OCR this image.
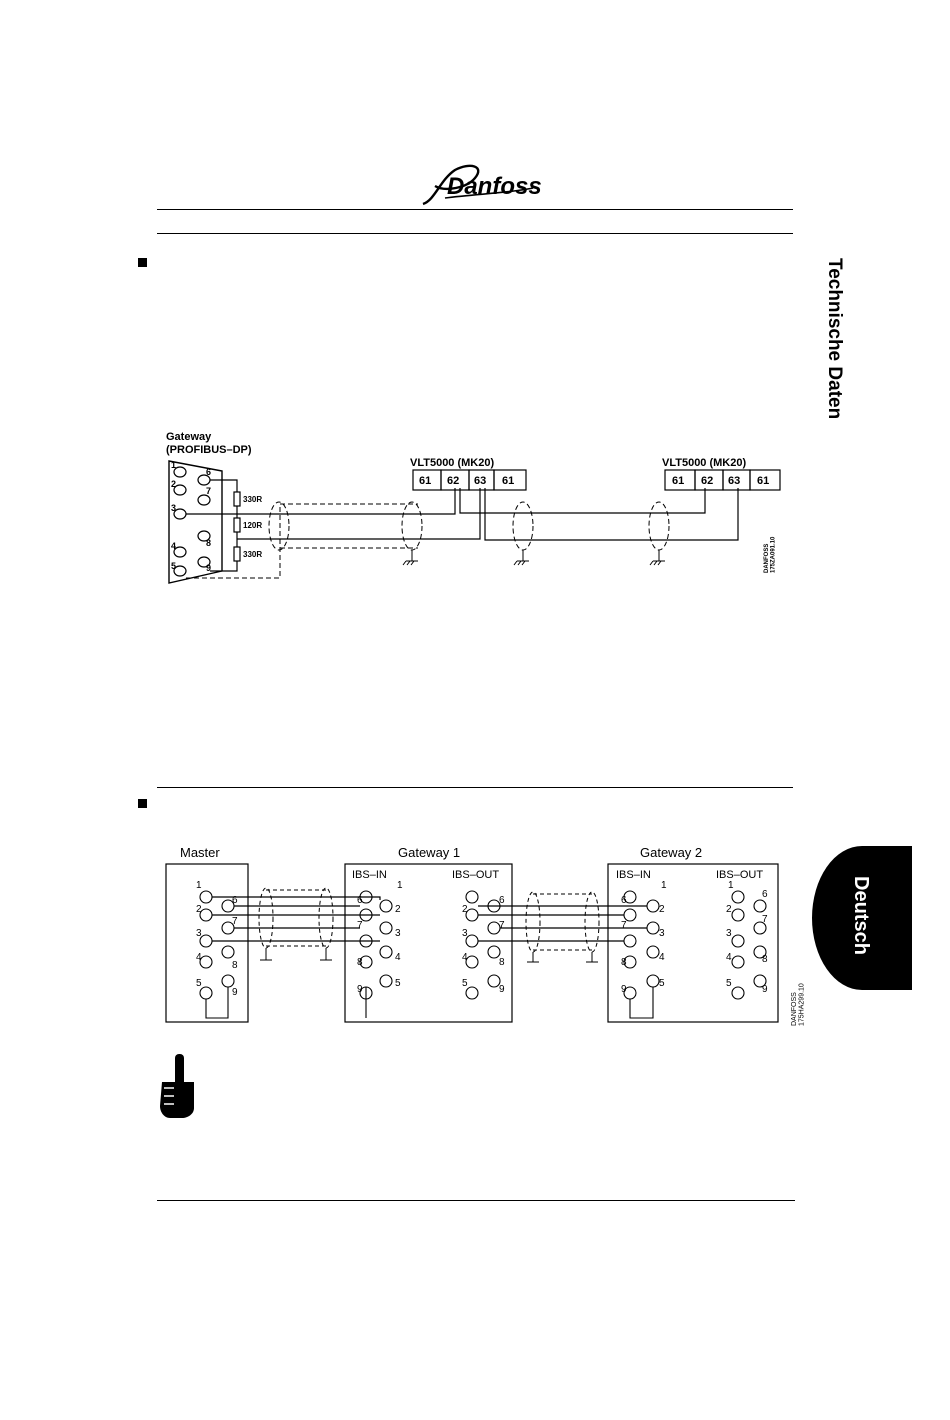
Danfoss
Technische Daten
Gateway
(PROFIBUS–DP)
1
2
3
4
5
6
7
8
9
330R
120R
330R
VLT5000 (MK20)	VLT5000 (MK20)
61 62 63 61	61 62 63 61
DANFOSS175ZA091.10
Master	Gateway 1	Gateway 2
IBS–IN	IBS–OUT	IBS–IN	IBS–OUT
1
2
3
4
5
6
7
8
9
1
2
3
4
5
6
7
8
9
2
3
4
5
6
7
8
9
1
2
3
4
5
6
7
8
9
1
2
3
4
5
6
7
8
9
DANFOSS175HA299.10
Deutsch
